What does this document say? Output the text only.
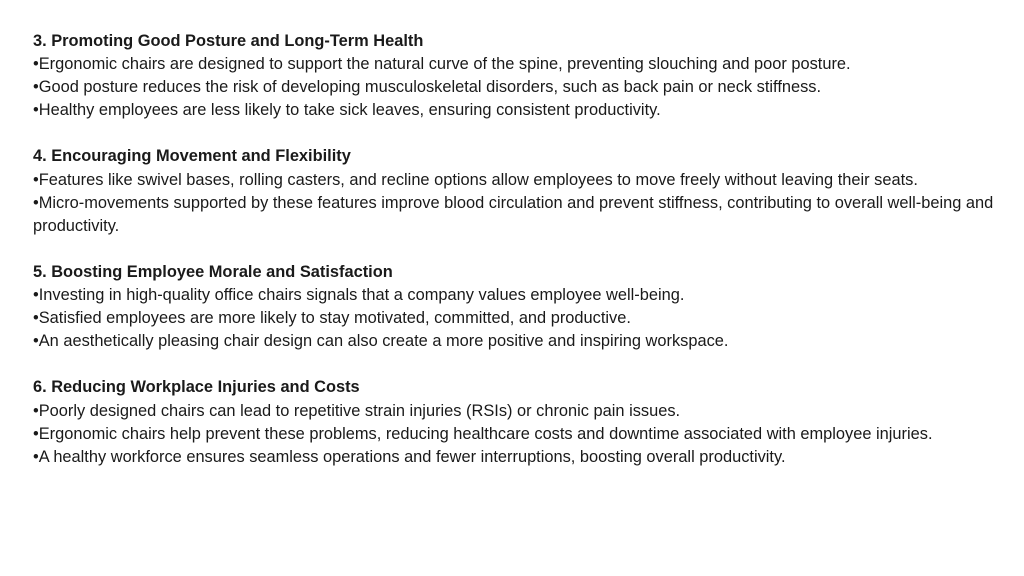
3. Promoting Good Posture and Long-Term Health

•Ergonomic chairs are designed to support the natural curve of the spine, preventing slouching and poor posture.

•Good posture reduces the risk of developing musculoskeletal disorders, such as back pain or neck stiffness.

•Healthy employees are less likely to take sick leaves, ensuring consistent productivity.

4. Encouraging Movement and Flexibility

•Features like swivel bases, rolling casters, and recline options allow employees to move freely without leaving their seats.

•Micro-movements supported by these features improve blood circulation and prevent stiffness, contributing to overall well-being and productivity.

5. Boosting Employee Morale and Satisfaction

•Investing in high-quality office chairs signals that a company values employee well-being.

•Satisfied employees are more likely to stay motivated, committed, and productive.

•An aesthetically pleasing chair design can also create a more positive and inspiring workspace.

6. Reducing Workplace Injuries and Costs

•Poorly designed chairs can lead to repetitive strain injuries (RSIs) or chronic pain issues.

•Ergonomic chairs help prevent these problems, reducing healthcare costs and downtime associated with employee injuries.

•A healthy workforce ensures seamless operations and fewer interruptions, boosting overall productivity.
